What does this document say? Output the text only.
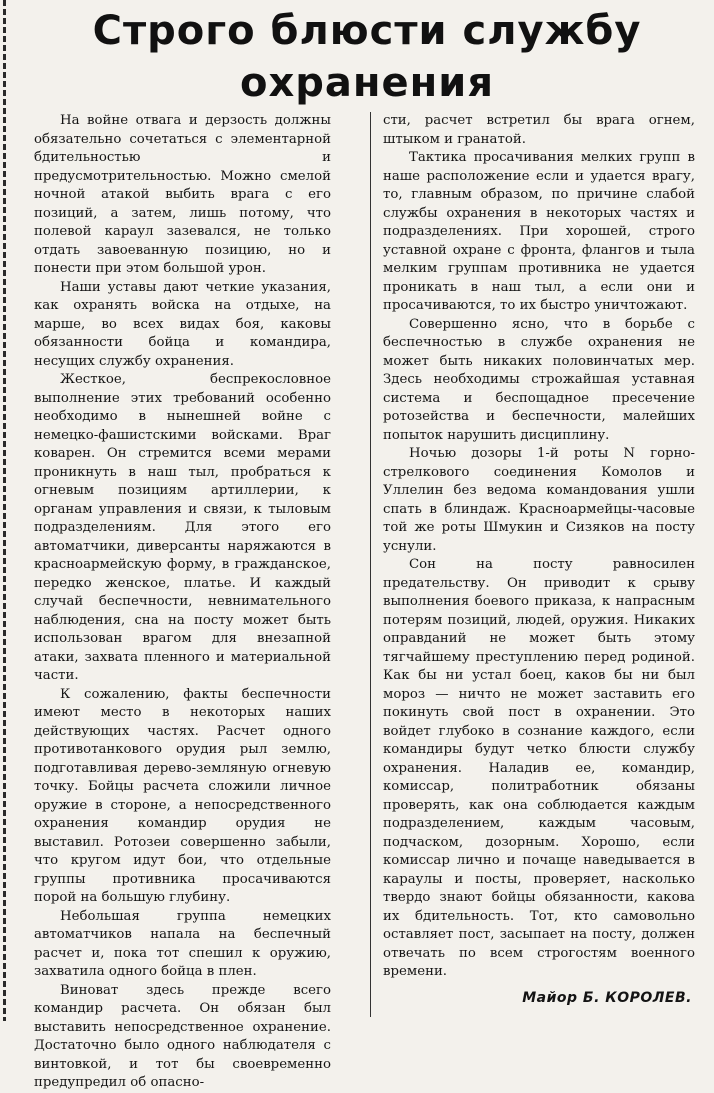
Строго блюсти службу
охранения

На войне отвага и дерзость должны обязательно сочетаться с элементарной бдительностью и предусмотрительностью. Можно смелой ночной атакой выбить врага с его позиций, а затем, лишь потому, что полевой караул зазевался, не только отдать завоеванную позицию, но и понести при этом большой урон.

Наши уставы дают четкие указания, как охранять войска на отдыхе, на марше, во всех видах боя, каковы обязанности бойца и командира, несущих службу охранения.

Жесткое, беспрекословное выполнение этих требований особенно необходимо в нынешней войне с немецко-фашистскими войсками. Враг коварен. Он стремится всеми мерами проникнуть в наш тыл, пробраться к огневым позициям артиллерии, к органам управления и связи, к тыловым подразделениям. Для этого его автоматчики, диверсанты наряжаются в красноармейскую форму, в гражданское, передко женское, платье. И каждый случай беспечности, невнимательного наблюдения, сна на посту может быть использован врагом для внезапной атаки, захвата пленного и материальной части.

К сожалению, факты беспечности имеют место в некоторых наших действующих частях. Расчет одного противотанкового орудия рыл землю, подготавливая дерево-земляную огневую точку. Бойцы расчета сложили личное оружие в стороне, а непосредственного охранения командир орудия не выставил. Ротозеи совершенно забыли, что кругом идут бои, что отдельные группы противника просачиваются порой на большую глубину.

Небольшая группа немецких автоматчиков напала на беспечный расчет и, пока тот спешил к оружию, захватила одного бойца в плен.

Виноват здесь прежде всего командир расчета. Он обязан был выставить непосредственное охранение. Достаточно было одного наблюдателя с винтовкой, и тот бы своевременно предупредил об опасно-

сти, расчет встретил бы врага огнем, штыком и гранатой.

Тактика просачивания мелких групп в наше расположение если и удается врагу, то, главным образом, по причине слабой службы охранения в некоторых частях и подразделениях. При хорошей, строго уставной охране с фронта, флангов и тыла мелким группам противника не удается проникать в наш тыл, а если они и просачиваются, то их быстро уничтожают.

Совершенно ясно, что в борьбе с беспечностью в службе охранения не может быть никаких половинчатых мер. Здесь необходимы строжайшая уставная система и беспощадное пресечение ротозейства и беспечности, малейших попыток нарушить дисциплину.

Ночью дозоры 1-й роты N горно-стрелкового соединения Комолов и Уллелин без ведома командования ушли спать в блиндаж. Красноармейцы-часовые той же роты Шмукин и Сизяков на посту уснули.

Сон на посту равносилен предательству. Он приводит к срыву выполнения боевого приказа, к напрасным потерям позиций, людей, оружия. Никаких оправданий не может быть этому тягчайшему преступлению перед родиной. Как бы ни устал боец, каков бы ни был мороз — ничто не может заставить его покинуть свой пост в охранении. Это войдет глубоко в сознание каждого, если командиры будут четко блюсти службу охранения. Наладив ее, командир, комиссар, политработник обязаны проверять, как она соблюдается каждым подразделением, каждым часовым, подчаском, дозорным. Хорошо, если комиссар лично и почаще наведывается в караулы и посты, проверяет, насколько твердо знают бойцы обязанности, какова их бдительность. Тот, кто самовольно оставляет пост, засыпает на посту, должен отвечать по всем строгостям военного времени.

Майор Б. КОРОЛЕВ.
